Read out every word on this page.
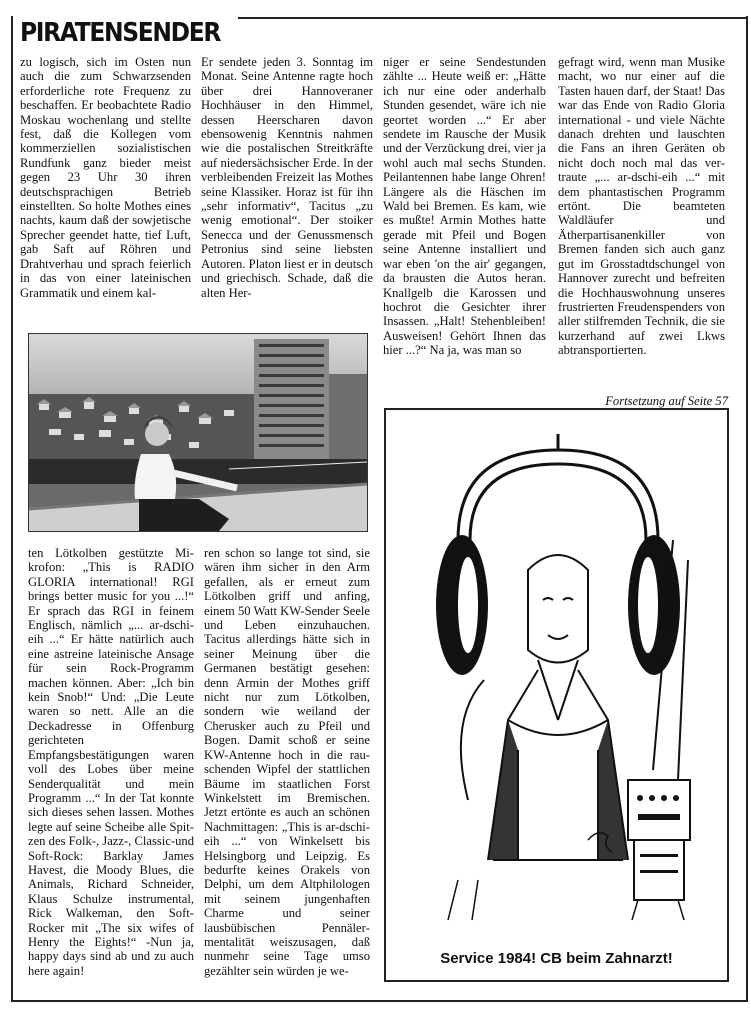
PIRATENSENDER
zu logisch, sich im Osten nun auch die zum Schwarzsenden erforderliche rote Frequenz zu beschaffen. Er beobachtete Radio Moskau wochenlang und stellte fest, daß die Kollegen vom kommerziellen sozialistischen Rundfunk ganz bieder meist gegen 23 Uhr 30 ihren deutschsprachigen Betrieb einstellten. So holte Mothes eines nachts, kaum daß der sowjetische Sprecher geendet hatte, tief Luft, gab Saft auf Röhren und Drahtverhau und sprach feierlich in das von einer lateinischen Grammatik und einem kal-
Er sendete jeden 3. Sonntag im Monat. Seine Antenne ragte hoch über drei Hannoveraner Hochhäuser in den Himmel, dessen Heerscharen davon ebensowenig Kenntnis nahmen wie die postalischen Streitkräfte auf niedersächsischer Erde. In der verbleibenden Freizeit las Mothes seine Klassiker. Horaz ist für ihn „sehr informativ“, Tacitus „zu wenig emotional“. Der stoiker Senecca und der Genussmensch Petronius sind seine liebsten Autoren. Platon liest er in deutsch und griechisch. Schade, daß die alten Her-
niger er seine Sendestunden zählte ... Heute weiß er: „Hätte ich nur eine oder anderhalb Stunden gesendet, wäre ich nie geortet worden ...“ Er aber sendete im Rausche der Musik und der Verzückung drei, vier ja wohl auch mal sechs Stunden. Peilantennen habe lange Ohren! Längere als die Häschen im Wald bei Bremen. Es kam, wie es mußte! Armin Mothes hatte gerade mit Pfeil und Bogen seine Antenne installiert und war eben 'on the air' gegangen, da brausten die Autos heran. Knallgelb die Karossen und hochrot die Gesichter ihrer Insassen. „Halt! Stehenbleiben! Ausweisen! Gehört Ihnen das hier ...?“ Na ja, was man so
gefragt wird, wenn man Musike macht, wo nur einer auf die Tasten hauen darf, der Staat! Das war das Ende von Radio Gloria international - und viele Nächte danach drehten und lauschten die Fans an ihren Geräten ob nicht doch noch mal das vertraute „... ar-dschi-eih ...“ mit dem phantastischen Programm ertönt. Die beamteten Waldläufer und Ätherpartisanenkiller von Bremen fanden sich auch ganz gut im Grosstadtdschungel von Hannover zurecht und befreiten die Hochhauswohnung unseres frustrierten Freudenspenders von aller stilfremden Technik, die sie kurzerhand auf zwei Lkws abtransportierten.
Fortsetzung auf Seite 57
ten Lötkolben gestützte Mikrofon: „This is RADIO GLORIA international! RGI brings better music for you ...!“ Er sprach das RGI in feinem Englisch, nämlich „... ar-dschi-eih ...“ Er hätte natürlich auch eine astreine lateinische Ansage für sein Rock-Programm machen können. Aber: „Ich bin kein Snob!“ Und: „Die Leute waren so nett. Alle an die Deckadresse in Offenburg gerichteten Empfangsbestätigungen waren voll des Lobes über meine Senderqualität und mein Programm ...“ In der Tat konnte sich dieses sehen lassen. Mothes legte auf seine Scheibe alle Spitzen des Folk-, Jazz-, Classic-und Soft-Rock: Barklay James Havest, die Moody Blues, die Animals, Richard Schneider, Klaus Schulze instrumental, Rick Walkeman, den Soft-Rocker mit „The six wifes of Henry the Eights!“ -Nun ja, happy days sind ab und zu auch here again!
ren schon so lange tot sind, sie wären ihm sicher in den Arm gefallen, als er erneut zum Lötkolben griff und anfing, einem 50 Watt KW-Sender Seele und Leben einzuhauchen. Tacitus allerdings hätte sich in seiner Meinung über die Germanen bestätigt gesehen: denn Armin der Mothes griff nicht nur zum Lötkolben, sondern wie weiland der Cherusker auch zu Pfeil und Bogen. Damit schoß er seine KW-Antenne hoch in die rauschenden Wipfel der stattlichen Bäume im staatlichen Forst Winkelstett im Bremischen. Jetzt ertönte es auch an schönen Nachmittagen: „This is ar-dschi-eih ...“ von Winkelsett bis Helsingborg und Leipzig. Es bedurfte keines Orakels von Delphi, um dem Altphilologen mit seinem jungenhaften Charme und seiner lausbübischen Pennälermentalität weiszusagen, daß nunmehr seine Tage umso gezählter sein würden je we-
Service 1984! CB beim Zahnarzt!
